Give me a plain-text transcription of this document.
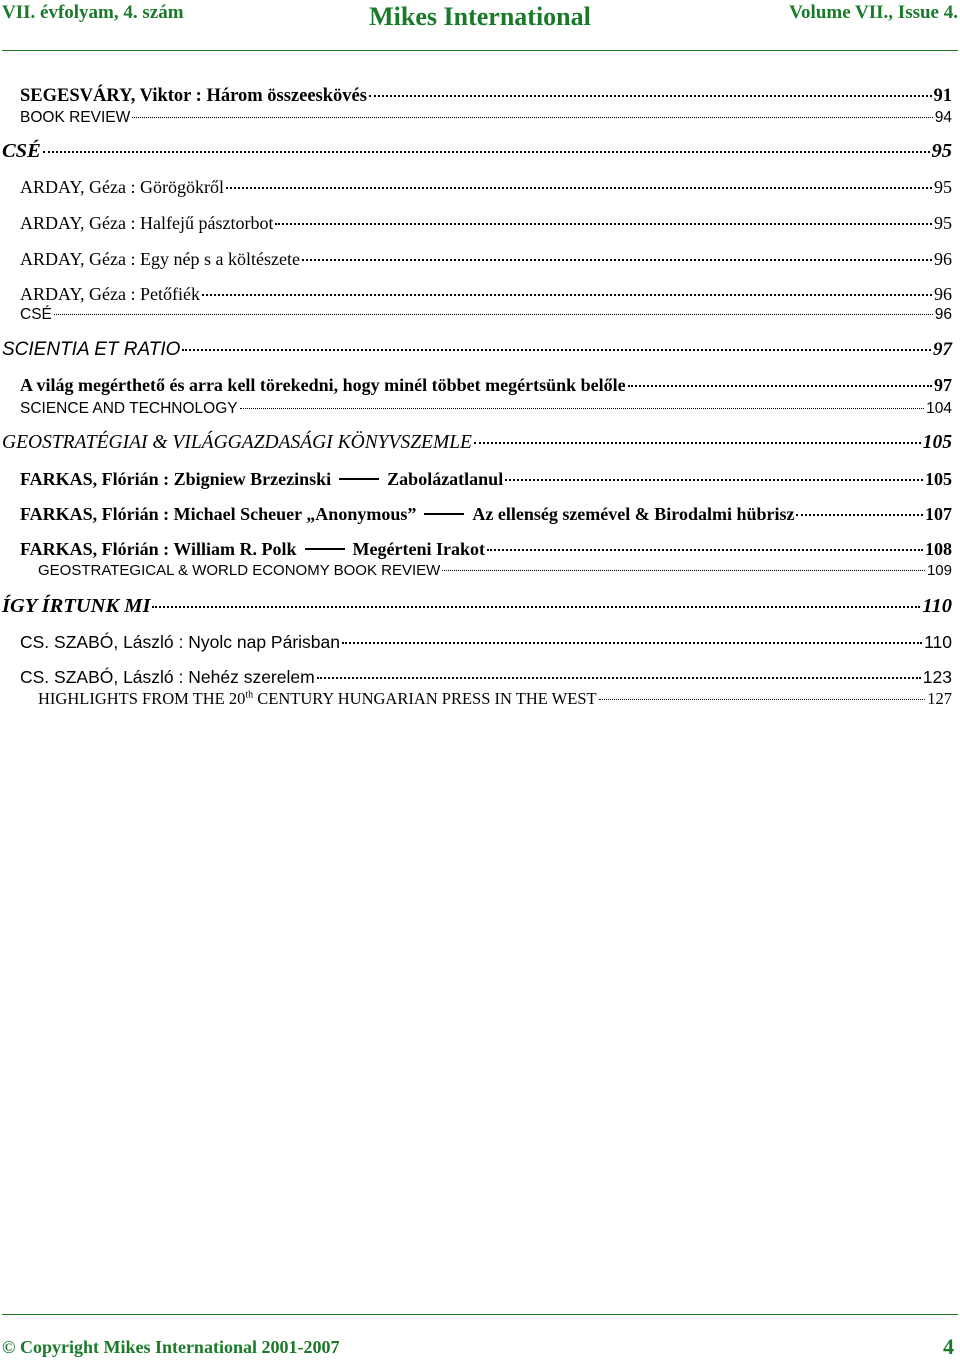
VII. évfolyam, 4. szám	Mikes International	Volume VII., Issue 4.
SEGESVÁRY, Viktor : Három összeeskövés	91
BOOK REVIEW	94
CSÉ	95
ARDAY, Géza : Görögökről	95
ARDAY, Géza : Halfejű pásztorbot	95
ARDAY, Géza : Egy nép s a költészete	96
ARDAY, Géza : Petőfiék	96
CSÉ	96
SCIENTIA ET RATIO	97
A világ megérthető és arra kell törekedni, hogy minél többet megértsünk belőle	97
SCIENCE AND TECHNOLOGY	104
GEOSTRATÉGIAI & VILÁGGAZDASÁGI KÖNYVSZEMLE	105
FARKAS, Flórián : Zbigniew Brzezinski	Zabolázatlanul	105
FARKAS, Flórián : Michael Scheuer „Anonymous”	Az ellenség szemével & Birodalmi hübrisz	107
FARKAS, Flórián : William R. Polk	Megérteni Irakot	108
GEOSTRATEGICAL & WORLD ECONOMY BOOK REVIEW	109
ÍGY ÍRTUNK MI	110
CS. SZABÓ, László : Nyolc nap Párisban	110
CS. SZABÓ, László : Nehéz szerelem	123
HIGHLIGHTS FROM THE 20th CENTURY HUNGARIAN PRESS IN THE WEST	127
© Copyright Mikes International 2001-2007	4
